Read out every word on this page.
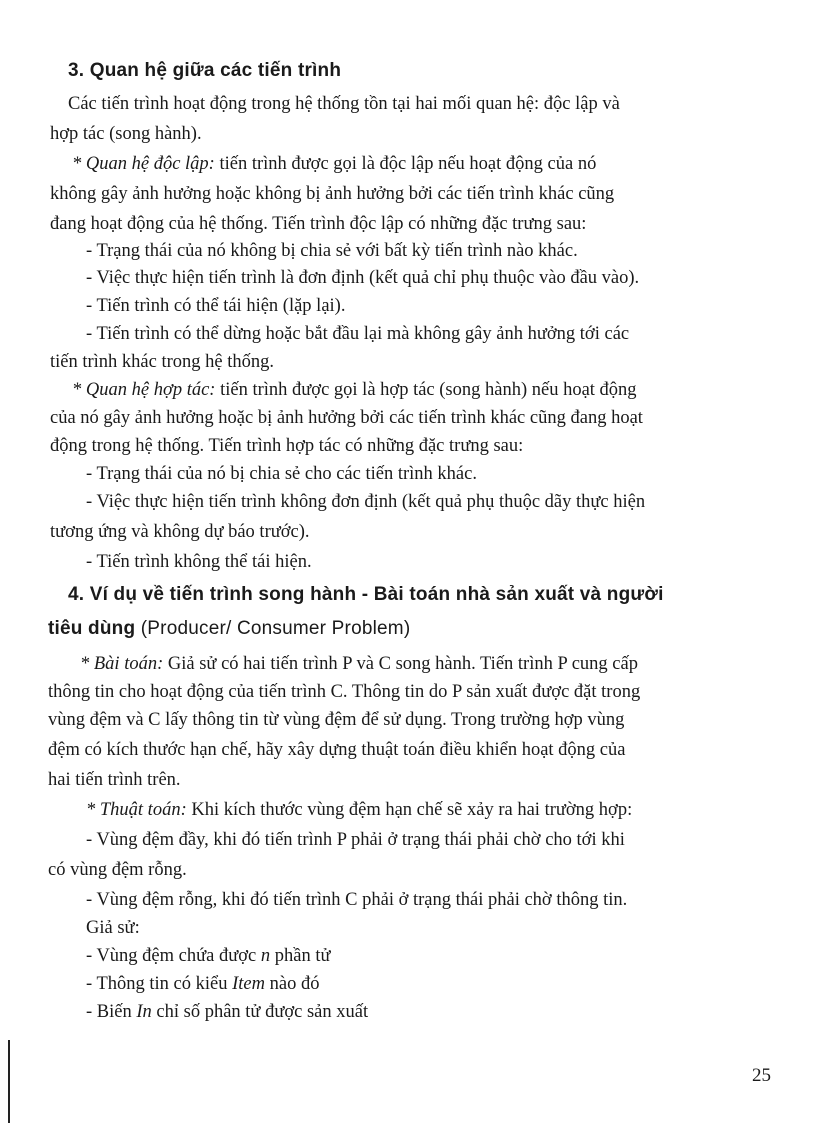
3. Quan hệ giữa các tiến trình
Các tiến trình hoạt động trong hệ thống tồn tại hai mối quan hệ: độc lập và
hợp tác (song hành).
* Quan hệ độc lập: tiến trình được gọi là độc lập nếu hoạt động của nó
không gây ảnh hưởng hoặc không bị ảnh hưởng bởi các tiến trình khác cũng
đang hoạt động của hệ thống. Tiến trình độc lập có những đặc trưng sau:
- Trạng thái của nó không bị chia sẻ với bất kỳ tiến trình nào khác.
- Việc thực hiện tiến trình là đơn định (kết quả chỉ phụ thuộc vào đầu vào).
- Tiến trình có thể tái hiện (lặp lại).
- Tiến trình có thể dừng hoặc bắt đầu lại mà không gây ảnh hưởng tới các
tiến trình khác trong hệ thống.
* Quan hệ hợp tác: tiến trình được gọi là hợp tác (song hành) nếu hoạt động
của nó gây ảnh hưởng hoặc bị ảnh hưởng bởi các tiến trình khác cũng đang hoạt
động trong hệ thống. Tiến trình hợp tác có những đặc trưng sau:
- Trạng thái của nó bị chia sẻ cho các tiến trình khác.
- Việc thực hiện tiến trình không đơn định (kết quả phụ thuộc dãy thực hiện
tương ứng và không dự báo trước).
- Tiến trình không thể tái hiện.
4. Ví dụ về tiến trình song hành - Bài toán nhà sản xuất và người
tiêu dùng (Producer/ Consumer Problem)
* Bài toán: Giả sử có hai tiến trình P và C song hành. Tiến trình P cung cấp
thông tin cho hoạt động của tiến trình C. Thông tin do P sản xuất được đặt trong
vùng đệm và C lấy thông tin từ vùng đệm để sử dụng. Trong trường hợp vùng
đệm có kích thước hạn chế, hãy xây dựng thuật toán điều khiển hoạt động của
hai tiến trình trên.
* Thuật toán: Khi kích thước vùng đệm hạn chế sẽ xảy ra hai trường hợp:
- Vùng đệm đầy, khi đó tiến trình P phải ở trạng thái phải chờ cho tới khi
có vùng đệm rỗng.
- Vùng đệm rỗng, khi đó tiến trình C phải ở trạng thái phải chờ thông tin.
Giả sử:
- Vùng đệm chứa được n phần tử
- Thông tin có kiểu Item nào đó
- Biến In chỉ số phân tử được sản xuất
25
